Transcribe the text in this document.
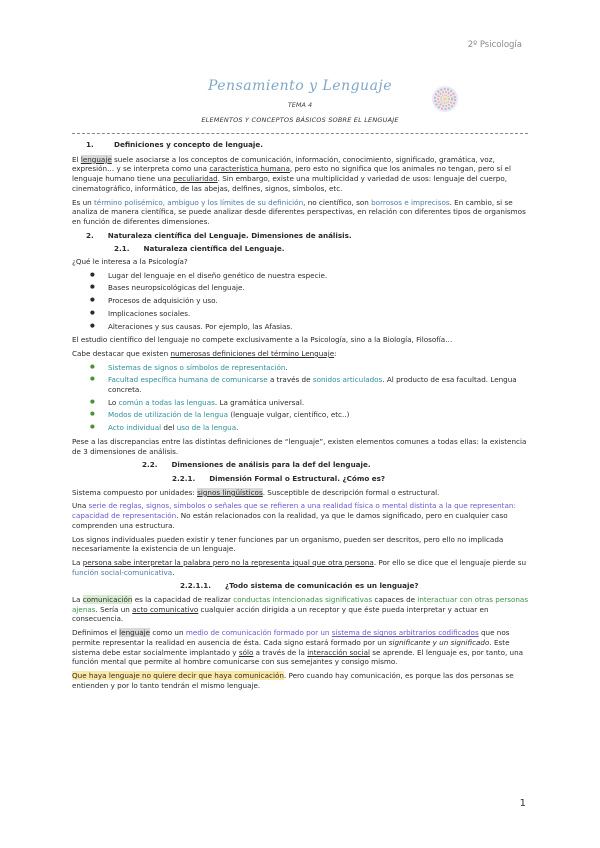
2º Psicología
Pensamiento y Lenguaje
TEMA 4
ELEMENTOS Y CONCEPTOS BÁSICOS SOBRE EL LENGUAJE
1.	Definiciones y concepto de lenguaje.

El lenguaje suele asociarse a los conceptos de comunicación, información, conocimiento, significado, gramática, voz, expresión… y se interpreta como una característica humana, pero esto no significa que los animales no tengan, pero sí el lenguaje humano tiene una peculiaridad. Sin embargo, existe una multiplicidad y variedad de usos: lenguaje del cuerpo, cinematográfico, informático, de las abejas, delfines, signos, símbolos, etc.

Es un término polisémico, ambiguo y los límites de su definición, no científico, son borrosos e imprecisos. En cambio, si se analiza de manera científica, se puede analizar desde diferentes perspectivas, en relación con diferentes tipos de organismos en función de diferentes dimensiones.

2. Naturaleza científica del Lenguaje. Dimensiones de análisis.
2.1. Naturaleza científica del Lenguaje.

¿Qué le interesa a la Psicología?

● Lugar del lenguaje en el diseño genético de nuestra especie.
● Bases neuropsicológicas del lenguaje.
● Procesos de adquisición y uso.
● Implicaciones sociales.
● Alteraciones y sus causas. Por ejemplo, las Afasias.

El estudio científico del lenguaje no compete exclusivamente a la Psicología, sino a la Biología, Filosofía…

Cabe destacar que existen numerosas definiciones del término Lenguaje:

● Sistemas de signos o símbolos de representación.
● Facultad específica humana de comunicarse a través de sonidos articulados. Al producto de esa facultad. Lengua concreta.
● Lo común a todas las lenguas. La gramática universal.
● Modos de utilización de la lengua (lenguaje vulgar, científico, etc..)
● Acto individual del uso de la lengua.

Pese a las discrepancias entre las distintas definiciones de “lenguaje”, existen elementos comunes a todas ellas: la existencia de 3 dimensiones de análisis.

2.2. Dimensiones de análisis para la def del lenguaje.
2.2.1. Dimensión Formal o Estructural. ¿Cómo es?

Sistema compuesto por unidades: signos lingüísticos. Susceptible de descripción formal o estructural.

Una serie de reglas, signos, símbolos o señales que se refieren a una realidad física o mental distinta a la que representan: capacidad de representación. No están relacionados con la realidad, ya que le damos significado, pero en cualquier caso comprenden una estructura.

Los signos individuales pueden existir y tener funciones par un organismo, pueden ser descritos, pero ello no implicada necesariamente la existencia de un lenguaje.

La persona sabe interpretar la palabra pero no la representa igual que otra persona. Por ello se dice que el lenguaje pierde su función social-comunicativa.

2.2.1.1. ¿Todo sistema de comunicación es un lenguaje?

La comunicación es la capacidad de realizar conductas intencionadas significativas capaces de interactuar con otras personas ajenas. Sería un acto comunicativo cualquier acción dirigida a un receptor y que éste pueda interpretar y actuar en consecuencia.

Definimos el lenguaje como un medio de comunicación formado por un sistema de signos arbitrarios codificados que nos permite representar la realidad en ausencia de ésta. Cada signo estará formado por un significante y un significado. Este sistema debe estar socialmente implantado y sólo a través de la interacción social se aprende. El lenguaje es, por tanto, una función mental que permite al hombre comunicarse con sus semejantes y consigo mismo.

Que haya lenguaje no quiere decir que haya comunicación. Pero cuando hay comunicación, es porque las dos personas se entienden y por lo tanto tendrán el mismo lenguaje.

1
